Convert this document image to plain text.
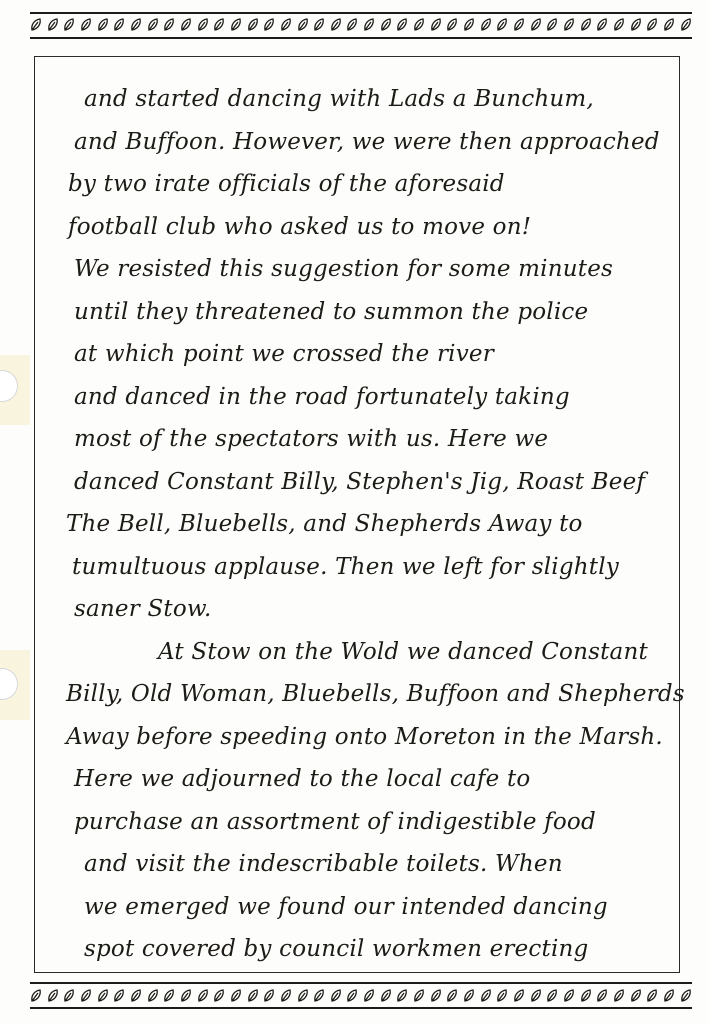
and started dancing with Lads a Bunchum,
and Buffoon. However, we were then approached
by two irate officials of the aforesaid
football club who asked us to move on!
We resisted this suggestion for some minutes
until they threatened to summon the police
at which point we crossed the river
and danced in the road fortunately taking
most of the spectators with us. Here we
danced Constant Billy, Stephen's Jig, Roast Beef
The Bell, Bluebells, and Shepherds Away to
tumultuous applause. Then we left for slightly
saner Stow.
At Stow on the Wold we danced Constant
Billy, Old Woman, Bluebells, Buffoon and Shepherds
Away before speeding onto Moreton in the Marsh.
Here we adjourned to the local cafe to
purchase an assortment of indigestible food
and visit the indescribable toilets. When
we emerged we found our intended dancing
spot covered by council workmen erecting
